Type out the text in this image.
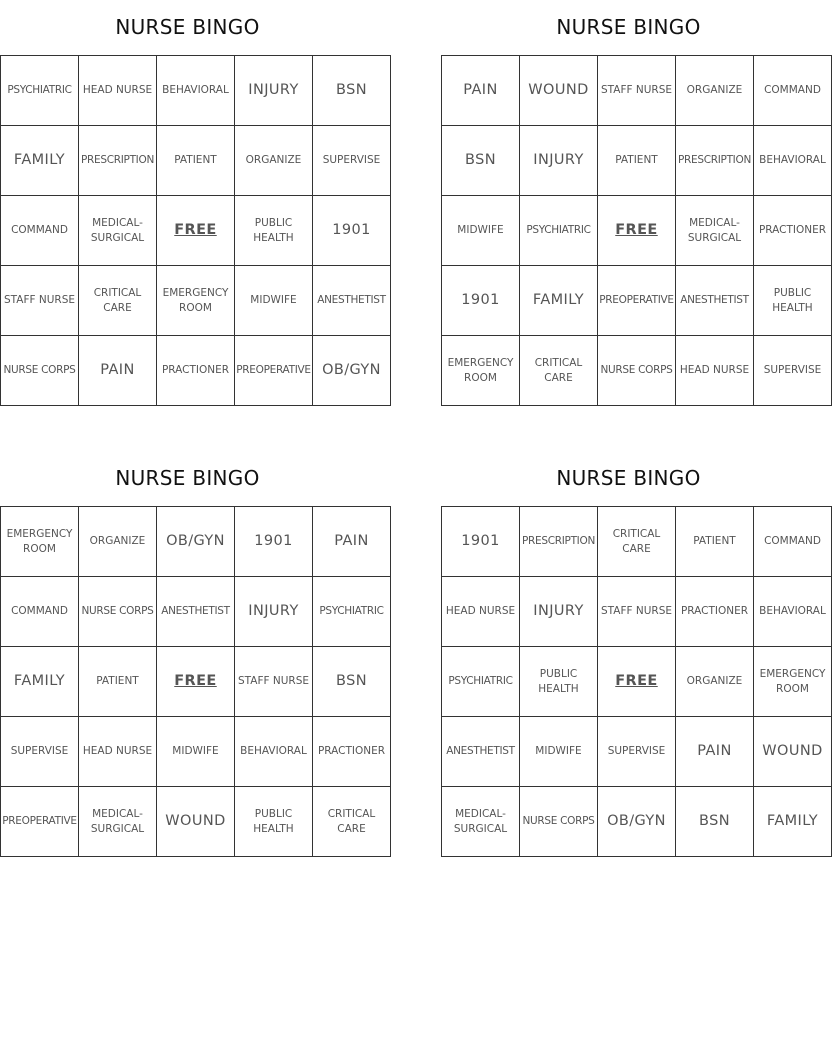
NURSE BINGO
PSYCHIATRIC	HEAD NURSE	BEHAVIORAL	INJURY	BSN
FAMILY	PRESCRIPTION	PATIENT	ORGANIZE	SUPERVISE
COMMAND	MEDICAL-SURGICAL	FREE	PUBLIC HEALTH	1901
STAFF NURSE	CRITICAL CARE	EMERGENCY ROOM	MIDWIFE	ANESTHETIST
NURSE CORPS	PAIN	PRACTIONER	PREOPERATIVE	OB/GYN
NURSE BINGO
PAIN	WOUND	STAFF NURSE	ORGANIZE	COMMAND
BSN	INJURY	PATIENT	PRESCRIPTION	BEHAVIORAL
MIDWIFE	PSYCHIATRIC	FREE	MEDICAL-SURGICAL	PRACTIONER
1901	FAMILY	PREOPERATIVE	ANESTHETIST	PUBLIC HEALTH
EMERGENCY ROOM	CRITICAL CARE	NURSE CORPS	HEAD NURSE	SUPERVISE
NURSE BINGO
EMERGENCY ROOM	ORGANIZE	OB/GYN	1901	PAIN
COMMAND	NURSE CORPS	ANESTHETIST	INJURY	PSYCHIATRIC
FAMILY	PATIENT	FREE	STAFF NURSE	BSN
SUPERVISE	HEAD NURSE	MIDWIFE	BEHAVIORAL	PRACTIONER
PREOPERATIVE	MEDICAL-SURGICAL	WOUND	PUBLIC HEALTH	CRITICAL CARE
NURSE BINGO
1901	PRESCRIPTION	CRITICAL CARE	PATIENT	COMMAND
HEAD NURSE	INJURY	STAFF NURSE	PRACTIONER	BEHAVIORAL
PSYCHIATRIC	PUBLIC HEALTH	FREE	ORGANIZE	EMERGENCY ROOM
ANESTHETIST	MIDWIFE	SUPERVISE	PAIN	WOUND
MEDICAL-SURGICAL	NURSE CORPS	OB/GYN	BSN	FAMILY
